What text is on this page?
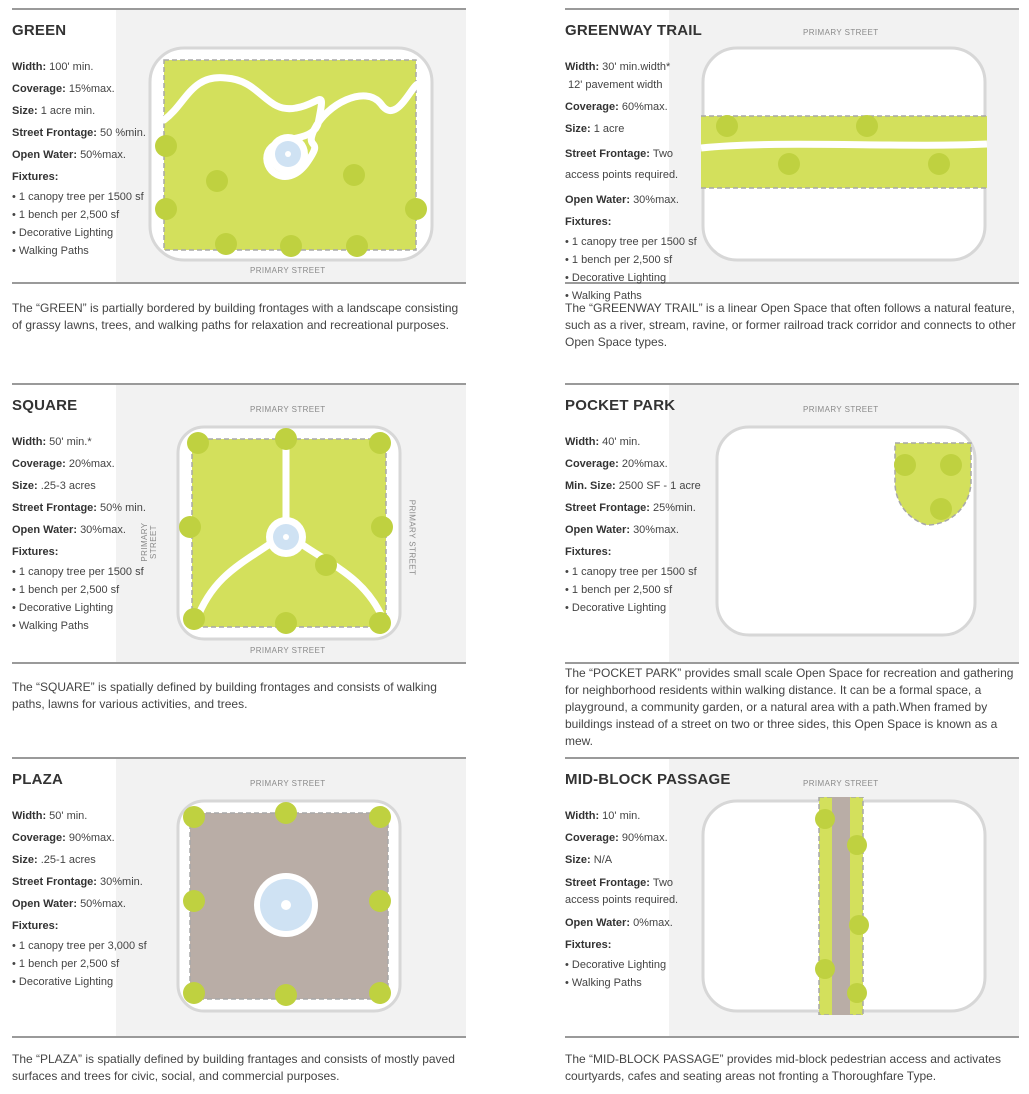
GREEN
Width: 100' min.
Coverage: 15%max.
Size: 1 acre min.
Street Frontage: 50 %min.
Open Water: 50%max.
Fixtures:
• 1 canopy tree per 1500 sf
• 1 bench per 2,500 sf
• Decorative Lighting
• Walking Paths
PRIMARY STREET
The “GREEN” is partially bordered by building frontages with a landscape consisting of grassy lawns, trees, and walking paths for relaxation and recreational purposes.
GREENWAY TRAIL
Width: 30' min.width*
12' pavement width
Coverage: 60%max.
Size: 1 acre
Street Frontage: Two access points required.
Open Water: 30%max.
Fixtures:
• 1 canopy tree per 1500 sf
• 1 bench per 2,500 sf
• Decorative Lighting
• Walking Paths
PRIMARY STREET
The “GREENWAY TRAIL” is a linear Open Space that often follows a natural feature, such as a river, stream, ravine, or former railroad track corridor and connects to other Open Space types.
SQUARE
Width: 50' min.*
Coverage: 20%max.
Size: .25-3 acres
Street Frontage: 50% min.
Open Water: 30%max.
Fixtures:
• 1 canopy tree per 1500 sf
• 1 bench per 2,500 sf
• Decorative Lighting
• Walking Paths
PRIMARY STREET
PRIMARY STREET	PRIMARY STREET
PRIMARY STREET
The “SQUARE” is spatially defined by building frontages and consists of walking paths, lawns for various activities, and trees.
POCKET PARK
Width: 40' min.
Coverage: 20%max.
Min. Size: 2500 SF - 1 acre
Street Frontage: 25%min.
Open Water: 30%max.
Fixtures:
• 1 canopy tree per 1500 sf
• 1 bench per 2,500 sf
• Decorative Lighting
PRIMARY STREET
The “POCKET PARK” provides small scale Open Space for recreation and gathering for neighborhood residents within walking distance. It can be a formal space, a playground, a community garden, or a natural area with a path.When framed by buildings instead of a street on two or three sides, this Open Space is known as a mew.
PLAZA
Width: 50' min.
Coverage: 90%max.
Size: .25-1 acres
Street Frontage: 30%min.
Open Water: 50%max.
Fixtures:
• 1 canopy tree per 3,000 sf
• 1 bench per 2,500 sf
• Decorative Lighting
PRIMARY STREET
The “PLAZA” is spatially defined by building frantages and consists of mostly paved surfaces and trees for civic, social, and commercial purposes.
MID-BLOCK PASSAGE
Width: 10' min.
Coverage: 90%max.
Size: N/A
Street Frontage: Two access points required.
Open Water: 0%max.
Fixtures:
• Decorative Lighting
• Walking Paths
PRIMARY STREET
The “MID-BLOCK PASSAGE” provides mid-block pedestrian access and activates courtyards, cafes and seating areas not fronting a Thoroughfare Type.
